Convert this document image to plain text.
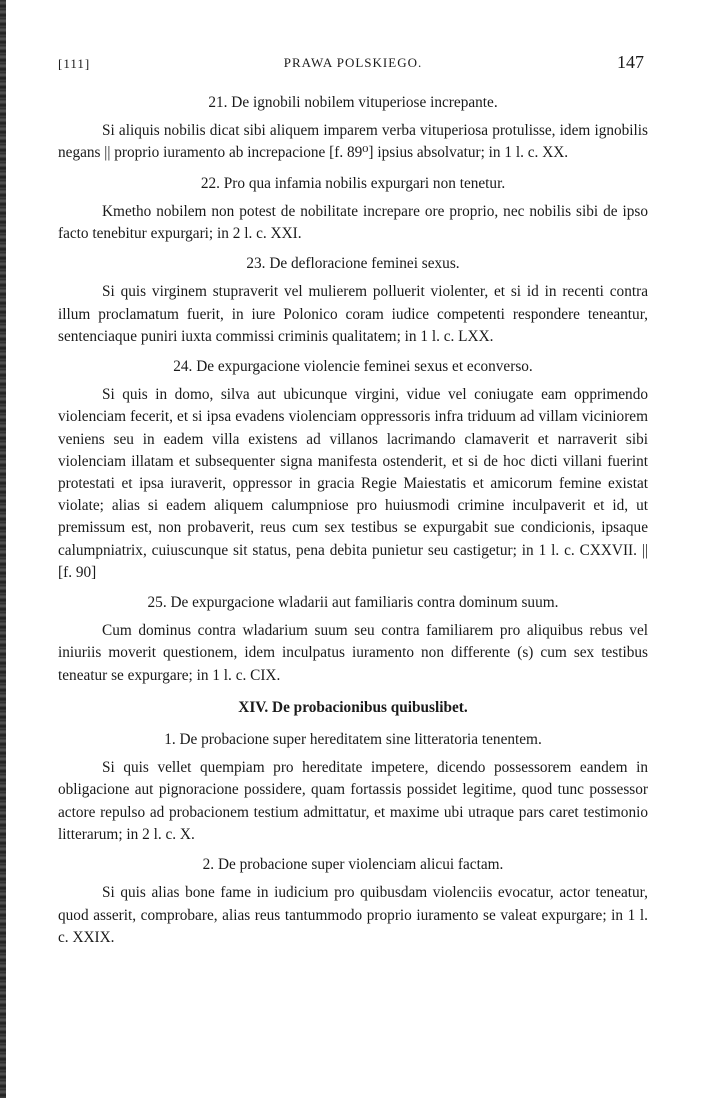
[111]	PRAWA POLSKIEGO.	147
21. De ignobili nobilem vituperiose increpante.

Si aliquis nobilis dicat sibi aliquem imparem verba vituperiosa protulisse, idem ignobilis negans || proprio iuramento ab increpacione [f. 89⁰] ipsius absolvatur; in 1 l. c. XX.

22. Pro qua infamia nobilis expurgari non tenetur.

Kmetho nobilem non potest de nobilitate increpare ore proprio, nec nobilis sibi de ipso facto tenebitur expurgari; in 2 l. c. XXI.

23. De defloracione feminei sexus.

Si quis virginem stupraverit vel mulierem polluerit violenter, et si id in recenti contra illum proclamatum fuerit, in iure Polonico coram iudice competenti respondere teneantur, sentenciaque puniri iuxta commissi criminis qualitatem; in 1 l. c. LXX.

24. De expurgacione violencie feminei sexus et econverso.

Si quis in domo, silva aut ubicunque virgini, vidue vel coniugate eam opprimendo violenciam fecerit, et si ipsa evadens violenciam oppressoris infra triduum ad villam viciniorem veniens seu in eadem villa existens ad villanos lacrimando clamaverit et narraverit sibi violenciam illatam et subsequenter signa manifesta ostenderit, et si de hoc dicti villani fuerint protestati et ipsa iuraverit, oppressor in gracia Regie Maiestatis et amicorum femine existat violate; alias si eadem aliquem calumpniose pro huiusmodi crimine inculpaverit et id, ut premissum est, non probaverit, reus cum sex testibus se expurgabit sue condicionis, ipsaque calumpniatrix, cuiuscunque sit status, pena debita punietur seu castigetur; in 1 l. c. CXXVII. || [f. 90]

25. De expurgacione wladarii aut familiaris contra dominum suum.

Cum dominus contra wladarium suum seu contra familiarem pro aliquibus rebus vel iniuriis moverit questionem, idem inculpatus iuramento non differente (s) cum sex testibus teneatur se expurgare; in 1 l. c. CIX.

XIV. De probacionibus quibuslibet.
1. De probacione super hereditatem sine litteratoria tenentem.

Si quis vellet quempiam pro hereditate impetere, dicendo possessorem eandem in obligacione aut pignoracione possidere, quam fortassis possidet legitime, quod tunc possessor actore repulso ad probacionem testium admittatur, et maxime ubi utraque pars caret testimonio litterarum; in 2 l. c. X.

2. De probacione super violenciam alicui factam.

Si quis alias bone fame in iudicium pro quibusdam violenciis evocatur, actor teneatur, quod asserit, comprobare, alias reus tantummodo proprio iuramento se valeat expurgare; in 1 l. c. XXIX.
